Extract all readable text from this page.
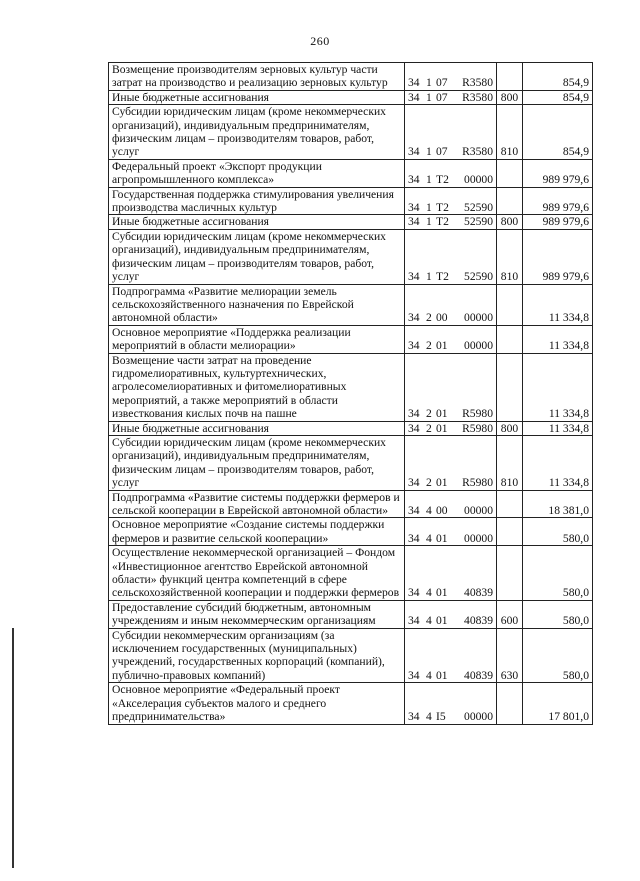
260
Возмещение производителям зерновых культур части затрат на производство и реализацию зерновых культур	34 1 07 R3580		854,9
Иные бюджетные ассигнования	34 1 07 R3580	800	854,9
Субсидии юридическим лицам (кроме некоммерческих организаций), индивидуальным предпринимателям, физическим лицам – производителям товаров, работ, услуг	34 1 07 R3580	810	854,9
Федеральный проект «Экспорт продукции агропромышленного комплекса»	34 1 T2 00000		989 979,6
Государственная поддержка стимулирования увеличения производства масличных культур	34 1 T2 52590		989 979,6
Иные бюджетные ассигнования	34 1 T2 52590	800	989 979,6
Субсидии юридическим лицам (кроме некоммерческих организаций), индивидуальным предпринимателям, физическим лицам – производителям товаров, работ, услуг	34 1 T2 52590	810	989 979,6
Подпрограмма «Развитие мелиорации земель сельскохозяйственного назначения по Еврейской автономной области»	34 2 00 00000		11 334,8
Основное мероприятие «Поддержка реализации мероприятий в области мелиорации»	34 2 01 00000		11 334,8
Возмещение части затрат на проведение гидромелиоративных, культуртехнических, агролесомелиоративных и фитомелиоративных мероприятий, а также мероприятий в области известкования кислых почв на пашне	34 2 01 R5980		11 334,8
Иные бюджетные ассигнования	34 2 01 R5980	800	11 334,8
Субсидии юридическим лицам (кроме некоммерческих организаций), индивидуальным предпринимателям, физическим лицам – производителям товаров, работ, услуг	34 2 01 R5980	810	11 334,8
Подпрограмма «Развитие системы поддержки фермеров и сельской кооперации в Еврейской автономной области»	34 4 00 00000		18 381,0
Основное мероприятие «Создание системы поддержки фермеров и развитие сельской кооперации»	34 4 01 00000		580,0
Осуществление некоммерческой организацией – Фондом «Инвестиционное агентство Еврейской автономной области» функций центра компетенций в сфере сельскохозяйственной кооперации и поддержки фермеров	34 4 01 40839		580,0
Предоставление субсидий бюджетным, автономным учреждениям и иным некоммерческим организациям	34 4 01 40839	600	580,0
Субсидии некоммерческим организациям (за исключением государственных (муниципальных) учреждений, государственных корпораций (компаний), публично-правовых компаний)	34 4 01 40839	630	580,0
Основное мероприятие «Федеральный проект «Акселерация субъектов малого и среднего предпринимательства»	34 4 I5 00000		17 801,0
